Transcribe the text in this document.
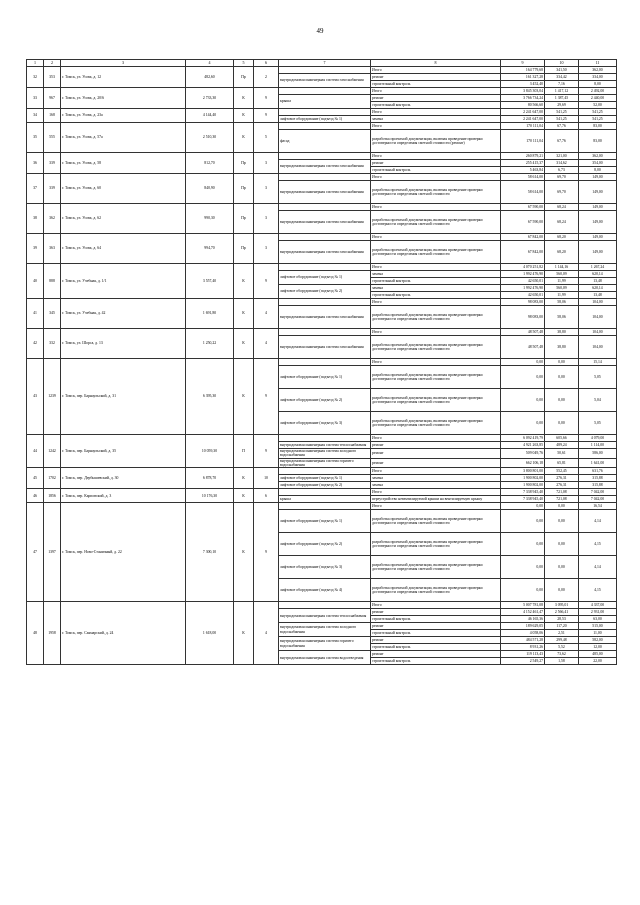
49
1	2	3	4	5	6	7	8	9	10	11
32	353	г. Томск, ул. Усова, д. 12	482,60	Пр	2		Итого	164 779,68	341,50	362,00
						внутридомовая инженерная система газоснабжения	ремонт	161 327,28	334,42	334,00
							строительный контроль	3 452,40	7,16	8,00
33	967	г. Томск, ул. Усова, д. 20/6	2 733,30	К	9		Итого	3 845 303,04	1 417,12	2 492,00
						крыша	ремонт	3 766 734,24	1 387,45	2 440,00
							строительный контроль	80 566,60	29,69	52,00
34	168	г. Томск, ул. Усова, д. 23а	4 144,40	К	9		Итого	2 241 647,00	541,25	541,25
						лифтовое оборудование (подъезд № 1)	замена	2 241 647,00	541,25	541,25
35	555	г. Томск, ул. Усова, д. 57а	2 510,30	К	5		Итого	170 111,04	67,76	83,00
						фасад	разработка проектной документации, включая проведение проверки достоверности определения сметной стоимости (ремонт)	170 111,04	67,76	83,00
36	339	г. Томск, ул. Усова, д. 58	812,70	Пр	3		Итого	260 879,21	321,00	362,00
						внутридомовая инженерная система газоснабжения	ремонт	255 415,37	314,62	354,00
							строительный контроль	5 463,84	6,73	8,00
37	339	г. Томск, ул. Усова, д. 60	840,90	Пр	3		Итого	58 614,00	69,70	149,00
						внутридомовая инженерная система газоснабжения	разработка проектной документации, включая проведение проверки достоверности определения сметной стоимости	58 614,00	69,70	149,00
38	362	г. Томск, ул. Усова, д. 62	990,30	Пр	3		Итого	67 590,00	68,24	149,00
						внутридомовая инженерная система газоснабжения	разработка проектной документации, включая проведение проверки достоверности определения сметной стоимости	67 590,00	68,24	149,00
39	363	г. Томск, ул. Усова, д. 64	994,70	Пр	3		Итого	67 842,00	68,20	149,00
						внутридомовая инженерная система газоснабжения	разработка проектной документации, включая проведение проверки достоверности определения сметной стоимости	67 842,00	68,20	149,00
40	888	г. Томск, ул. Учебная, д. 1/1	3 557,40	К	9		Итого	4 070 251,82	1 144,16	1 267,24
						лифтовое оборудование (подъезд № 1)	замена	1 992 476,90	560,09	620,14
							строительный контроль	42 650,01	11,99	13,48
						лифтовое оборудование (подъезд № 2)	замена	1 992 476,90	560,09	620,14
							строительный контроль	42 650,01	11,99	13,48
41	345	г. Томск, ул. Учебная, д. 42	1 691,80	К	4		Итого	98 083,00	58,06	104,00
						внутридомовая инженерная система газоснабжения	разработка проектной документации, включая проведение проверки достоверности определения сметной стоимости	98 083,00	58,06	104,00
42	332	г. Томск, ул. Шорса, д. 13	1 250,22	К	4		Итого	48 507,48	38,80	104,00
						внутридомовая инженерная система газоснабжения	разработка проектной документации, включая проведение проверки достоверности определения сметной стоимости	48 507,48	38,80	104,00
43	1239	г. Томск, пер. Барнаульский, д. 31	6 395,30	К	9		Итого	0,00	0,00	15,14
						лифтовое оборудование (подъезд № 1)	разработка проектной документации, включая проведение проверки достоверности определения сметной стоимости	0,00	0,00	5,05
						лифтовое оборудование (подъезд № 2)	разработка проектной документации, включая проведение проверки достоверности определения сметной стоимости	0,00	0,00	5,04
						лифтовое оборудование (подъезд № 3)	разработка проектной документации, включая проведение проверки достоверности определения сметной стоимости	0,00	0,00	5,05
44	1242	г. Томск, пер. Барнаульский, д. 35	10 059,30	П	9		Итого	6 092 419,79	605,66	4 079,00
						внутридомовая инженерная система теплоснабжения	ремонт	4 921 263,85	489,24	1 114,00
						внутридомовая инженерная система холодного водоснабжения	ремонт	509 049,76	50,61	586,00
						внутридомовая инженерная система горячего водоснабжения	ремонт	662 106,18	65,81	1 641,00
45	1702	г. Томск, пер. Дербышевский, д. 30	6 878,70	К	10		Итого	3 800 801,00	552,45	631,76
						лифтовое оборудование (подъезд № 1)	замена	1 900 802,00	276,31	315,88
						лифтовое оборудование (подъезд № 2)	замена	1 900 802,00	276,31	315,88
46	1856	г. Томск, пер. Карповский, д. 3	10 176,30	К	6		Итого	7 338 945,40	721,08	7 042,00
						крыша	переустройство невентилируемой крыши на вентилируемую крышу	7 338 945,40	721,08	7 042,00
47	1397	г. Томск, пер. Ново-Станичный, д. 22	7 300,10	К	9		Итого	0,00	0,00	16,54
						лифтовое оборудование (подъезд № 1)	разработка проектной документации, включая проведение проверки достоверности определения сметной стоимости	0,00	0,00	4,14
						лифтовое оборудование (подъезд № 2)	разработка проектной документации, включая проведение проверки достоверности определения сметной стоимости	0,00	0,00	4,15
						лифтовое оборудование (подъезд № 3)	разработка проектной документации, включая проведение проверки достоверности определения сметной стоимости	0,00	0,00	4,14
						лифтовое оборудование (подъезд № 4)	разработка проектной документации, включая проведение проверки достоверности определения сметной стоимости	0,00	0,00	4,15
48	1958	г. Томск, пер. Сакмарский, д. 24	1 618,00	К	4		Итого	5 007 781,08	3 095,01	4 337,00
						внутридомовая инженерная система теплоснабжения	ремонт	4 152 461,47	2 566,41	2 931,00
							строительный контроль	46 165,36	28,53	63,00
						внутридомовая инженерная система холодного водоснабжения	ремонт	189 629,05	117,20	515,00
							строительный контроль	4 058,06	2,51	11,00
						внутридомовая инженерная система горячего водоснабжения	ремонт	484 571,28	299,48	582,00
							строительный контроль	8 931,26	5,52	12,00
						внутридомовая инженерная система водоотведения	ремонт	119 113,43	73,62	485,00
							строительный контроль	2 549,27	1,58	22,00
